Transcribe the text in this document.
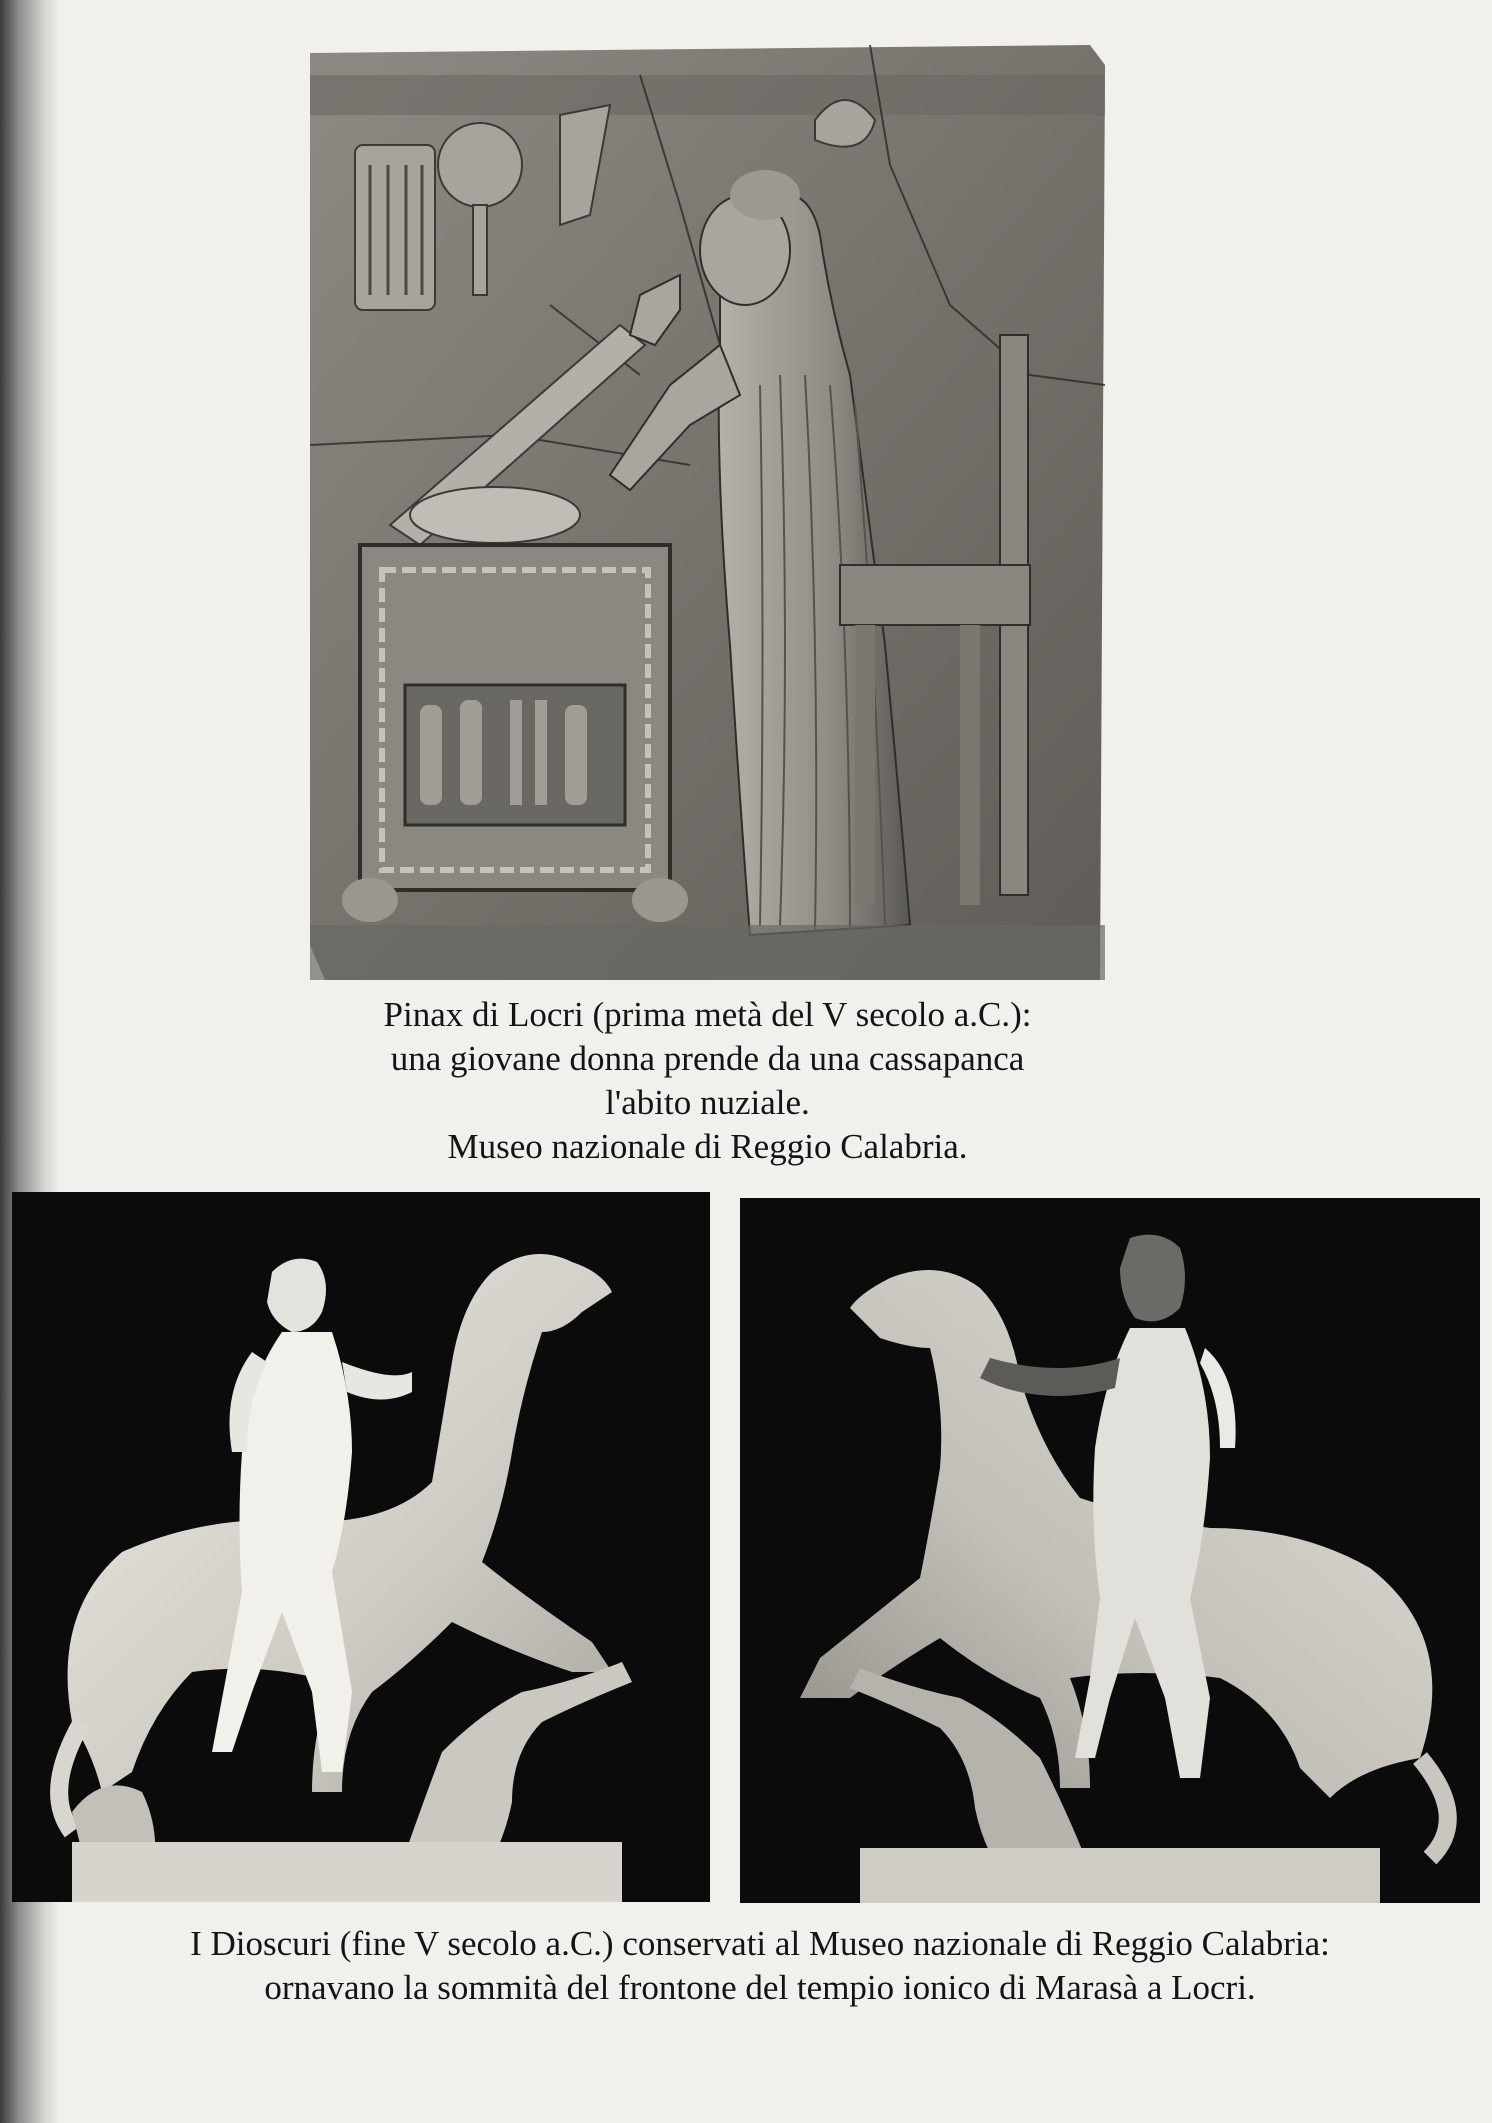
Pinax di Locri (prima metà del V secolo a.C.):
una giovane donna prende da una cassapanca
l'abito nuziale.
Museo nazionale di Reggio Calabria.
I Dioscuri (fine V secolo a.C.) conservati al Museo nazionale di Reggio Calabria:
ornavano la sommità del frontone del tempio ionico di Marasà a Locri.
